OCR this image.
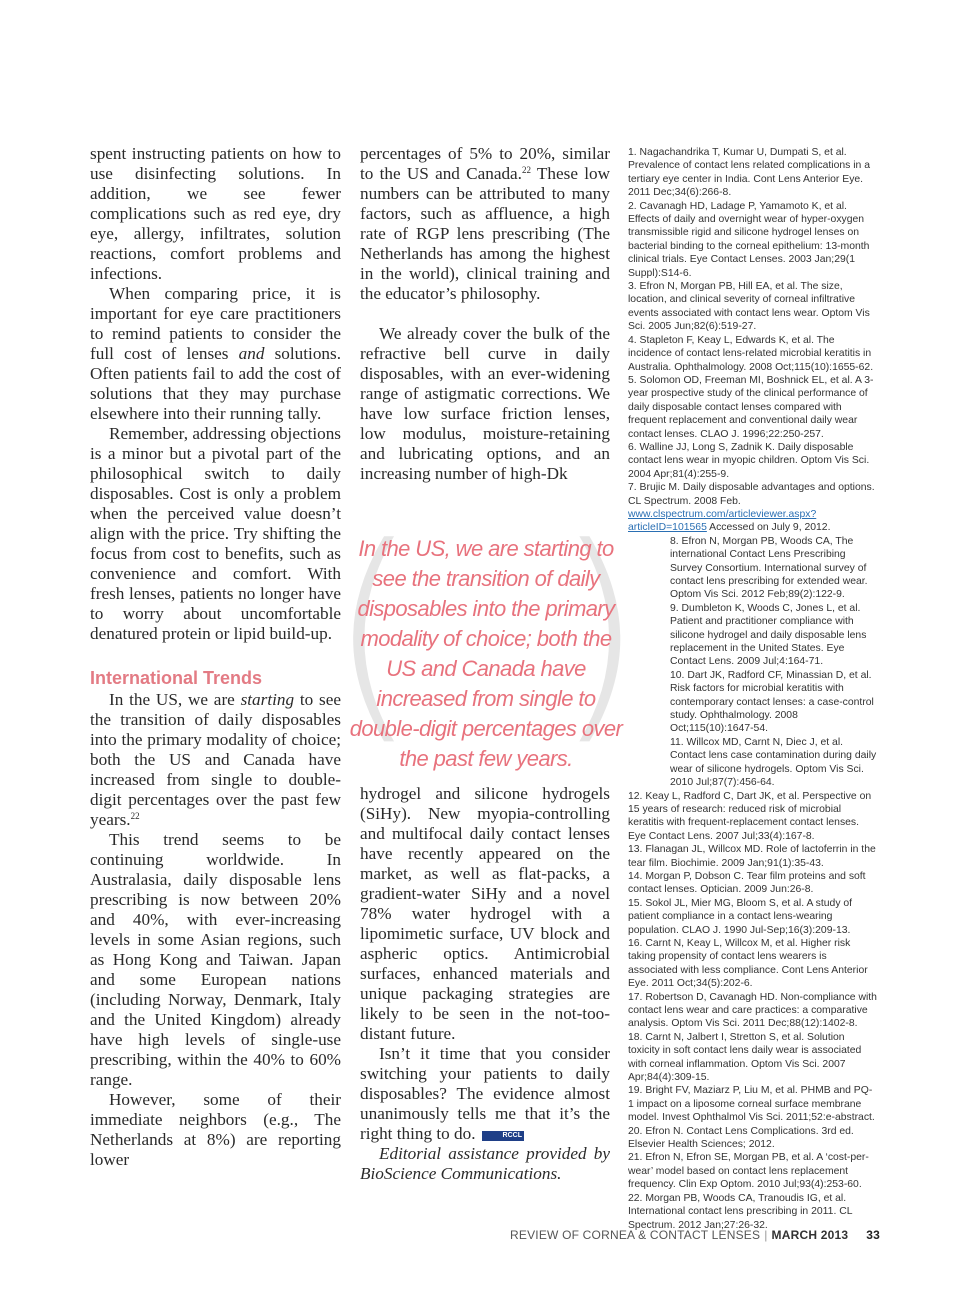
spent instructing patients on how to use disinfecting solutions. In addition, we see fewer complications such as red eye, dry eye, allergy, infiltrates, solution reactions, comfort problems and infections.

When comparing price, it is important for eye care practitioners to remind patients to consider the full cost of lenses and solutions. Often patients fail to add the cost of solutions that they may purchase elsewhere into their running tally.

Remember, addressing objections is a minor but a pivotal part of the philosophical switch to daily disposables. Cost is only a problem when the perceived value doesn’t align with the price. Try shifting the focus from cost to benefits, such as convenience and comfort. With fresh lenses, patients no longer have to worry about uncomfortable denatured protein or lipid build-up.

International Trends

In the US, we are starting to see the transition of daily disposables into the primary modality of choice; both the US and Canada have increased from single to double-digit percentages over the past few years.$^{22}$

This trend seems to be continuing worldwide. In Australasia, daily disposable lens prescribing is now between 20% and 40%, with ever-increasing levels in some Asian regions, such as Hong Kong and Taiwan. Japan and some European nations (including Norway, Denmark, Italy and the United Kingdom) already have high levels of single-use prescribing, within the 40% to 60% range.

However, some of their immediate neighbors (e.g., The Netherlands at 8%) are reporting lower

percentages of 5% to 20%, similar to the US and Canada.$^{22}$ These low numbers can be attributed to many factors, such as affluence, a high rate of RGP lens prescribing (The Netherlands has among the highest in the world), clinical training and the educator’s philosophy.

We already cover the bulk of the refractive bell curve in daily disposables, with an ever-widening range of astigmatic corrections. We have low surface friction lenses, low modulus, moisture-retaining and lubricating options, and an increasing number of high-Dk

( )
In the US, we are starting to see the transition of daily disposables into the primary modality of choice; both the US and Canada have increased from single to double-digit percentages over the past few years.

hydrogel and silicone hydrogels (SiHy). New myopia-controlling and multifocal daily contact lenses have recently appeared on the market, as well as flat-packs, a gradient-water SiHy and a novel 78% water hydrogel with a lipomimetic surface, UV block and aspheric optics. Antimicrobial surfaces, enhanced materials and unique packaging strategies are likely to be seen in the not-too-distant future.

Isn’t it time that you consider switching your patients to daily disposables? The evidence almost unanimously tells me that it’s the right thing to do.	RCCL

Editorial assistance provided by BioScience Communications.

1. Nagachandrika T, Kumar U, Dumpati S, et al. Prevalence of contact lens related complications in a tertiary eye center in India. Cont Lens Anterior Eye. 2011 Dec;34(6):266-8.

2. Cavanagh HD, Ladage P, Yamamoto K, et al. Effects of daily and overnight wear of hyper-oxygen transmissible rigid and silicone hydrogel lenses on bacterial binding to the corneal epithelium: 13-month clinical trials. Eye Contact Lenses. 2003 Jan;29(1 Suppl):S14-6.

3. Efron N, Morgan PB, Hill EA, et al. The size, location, and clinical severity of corneal infiltrative events associated with contact lens wear. Optom Vis Sci. 2005 Jun;82(6):519-27.

4. Stapleton F, Keay L, Edwards K, et al. The incidence of contact lens-related microbial keratitis in Australia. Ophthalmology. 2008 Oct;115(10):1655-62.

5. Solomon OD, Freeman MI, Boshnick EL, et al. A 3-year prospective study of the clinical performance of daily disposable contact lenses compared with frequent replacement and conventional daily wear contact lenses. CLAO J. 1996;22:250-257.

6. Walline JJ, Long S, Zadnik K. Daily disposable contact lens wear in myopic children. Optom Vis Sci. 2004 Apr;81(4):255-9.

7. Brujic M. Daily disposable advantages and options. CL Spectrum. 2008 Feb. www.clspectrum.com/articleviewer.aspx?articleID=101565 Accessed on July 9, 2012.

8. Efron N, Morgan PB, Woods CA, The international Contact Lens Prescribing Survey Consortium. International survey of contact lens prescribing for extended wear. Optom Vis Sci. 2012 Feb;89(2):122-9.

9. Dumbleton K, Woods C, Jones L, et al. Patient and practitioner compliance with silicone hydrogel and daily disposable lens replacement in the United States. Eye Contact Lens. 2009 Jul;4:164-71.

10. Dart JK, Radford CF, Minassian D, et al. Risk factors for microbial keratitis with contemporary contact lenses: a case-control study. Ophthalmology. 2008 Oct;115(10):1647-54.

11. Willcox MD, Carnt N, Diec J, et al. Contact lens case contamination during daily wear of silicone hydrogels. Optom Vis Sci. 2010 Jul;87(7):456-64.

12. Keay L, Radford C, Dart JK, et al. Perspective on 15 years of research: reduced risk of microbial keratitis with frequent-replacement contact lenses. Eye Contact Lens. 2007 Jul;33(4):167-8.

13. Flanagan JL, Willcox MD. Role of lactoferrin in the tear film. Biochimie. 2009 Jan;91(1):35-43.

14. Morgan P, Dobson C. Tear film proteins and soft contact lenses. Optician. 2009 Jun:26-8.

15. Sokol JL, Mier MG, Bloom S, et al. A study of patient compliance in a contact lens-wearing population. CLAO J. 1990 Jul-Sep;16(3):209-13.

16. Carnt N, Keay L, Willcox M, et al. Higher risk taking propensity of contact lens wearers is associated with less compliance. Cont Lens Anterior Eye. 2011 Oct;34(5):202-6.

17. Robertson D, Cavanagh HD. Non-compliance with contact lens wear and care practices: a comparative analysis. Optom Vis Sci. 2011 Dec;88(12):1402-8.

18. Carnt N, Jalbert I, Stretton S, et al. Solution toxicity in soft contact lens daily wear is associated with corneal inflammation. Optom Vis Sci. 2007 Apr;84(4):309-15.

19. Bright FV, Maziarz P, Liu M, et al. PHMB and PQ-1 impact on a liposome corneal surface membrane model. Invest Ophthalmol Vis Sci. 2011;52:e-abstract.

20. Efron N. Contact Lens Complications. 3rd ed. Elsevier Health Sciences; 2012.

21. Efron N, Efron SE, Morgan PB, et al. A ‘cost-per-wear’ model based on contact lens replacement frequency. Clin Exp Optom. 2010 Jul;93(4):253-60.

22. Morgan PB, Woods CA, Tranoudis IG, et al. International contact lens prescribing in 2011. CL Spectrum. 2012 Jan;27:26-32.

REVIEW OF CORNEA & CONTACT LENSES | MARCH 2013 33
